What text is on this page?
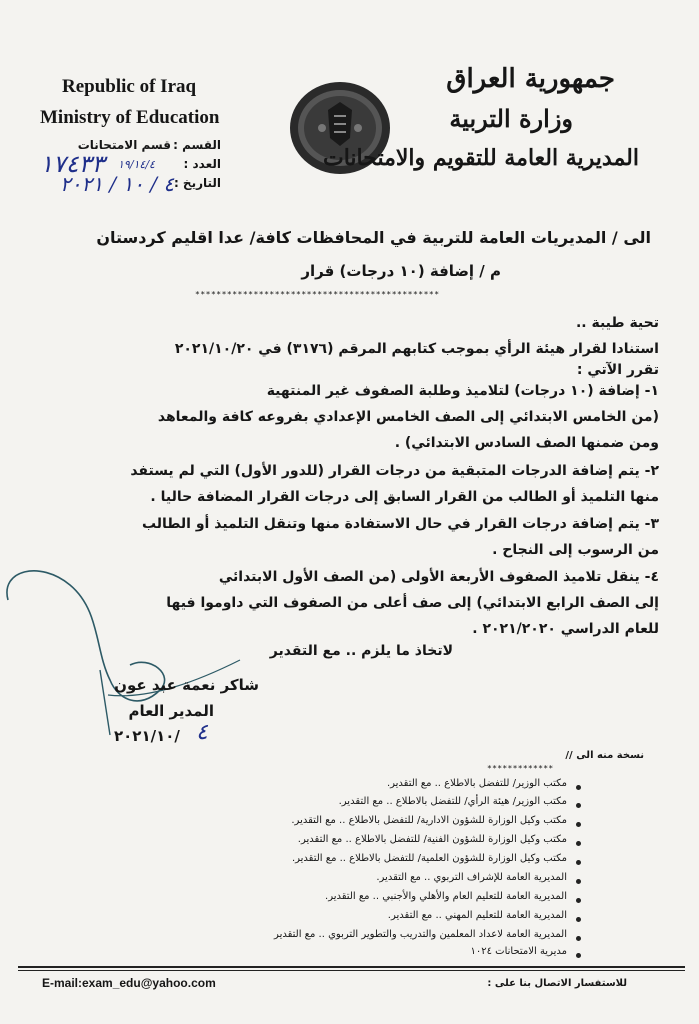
Republic of Iraq
Ministry of Education
جمهورية العراق
وزارة التربية
المديرية العامة للتقويم والامتحانات
القسم :
قسم الامتحانات
العدد :
١٧٤٣٣ ١٩/١٤/٤
التاريخ :
٤ / ١٠ / ٢٠٢١
الى / المديريات العامة للتربية في المحافظات كافة/ عدا اقليم كردستان
م / إضافة (١٠ درجات) قرار
**********************************************
تحية طيبة ..
استنادا لقرار هيئة الرأي بموجب كتابهم المرقم (٣١٧٦) في ٢٠٢١/١٠/٢٠
تقرر الآتي :
١- إضافة (١٠ درجات) لتلاميذ وطلبة الصفوف غير المنتهية
(من الخامس الابتدائي إلى الصف الخامس الإعدادي بفروعه كافة والمعاهد
ومن ضمنها الصف السادس الابتدائي) .
٢- يتم إضافة الدرجات المتبقية من درجات القرار (للدور الأول) التي لم يستفد
منها التلميذ أو الطالب من القرار السابق إلى درجات القرار المضافة حاليا .
٣- يتم إضافة درجات القرار في حال الاستفادة منها وتنقل التلميذ أو الطالب
من الرسوب إلى النجاح .
٤- ينقل تلاميذ الصفوف الأربعة الأولى (من الصف الأول الابتدائي
إلى الصف الرابع الابتدائي) إلى صف أعلى من الصفوف التي داوموا فيها
للعام الدراسي ٢٠٢١/٢٠٢٠ .
لاتخاذ ما يلزم .. مع التقدير
شاكر نعمة عبد عون
المدير العام
٢٠٢١/١٠/ ٤
نسخة منه الى //
*************
مكتب الوزير/ للتفضل بالاطلاع .. مع التقدير.
مكتب الوزير/ هيئة الرأي/ للتفضل بالاطلاع .. مع التقدير.
مكتب وكيل الوزارة للشؤون الادارية/ للتفضل بالاطلاع .. مع التقدير.
مكتب وكيل الوزارة للشؤون الفنية/ للتفضل بالاطلاع .. مع التقدير.
مكتب وكيل الوزارة للشؤون العلمية/ للتفضل بالاطلاع .. مع التقدير.
المديرية العامة للإشراف التربوي .. مع التقدير.
المديرية العامة للتعليم العام والأهلي والأجنبي .. مع التقدير.
المديرية العامة للتعليم المهني .. مع التقدير.
المديرية العامة لاعداد المعلمين والتدريب والتطوير التربوي .. مع التقدير
مديرية الامتحانات ١٠٢٤
E-mail:exam_edu@yahoo.com	للاستفسار الاتصال بنا على :
